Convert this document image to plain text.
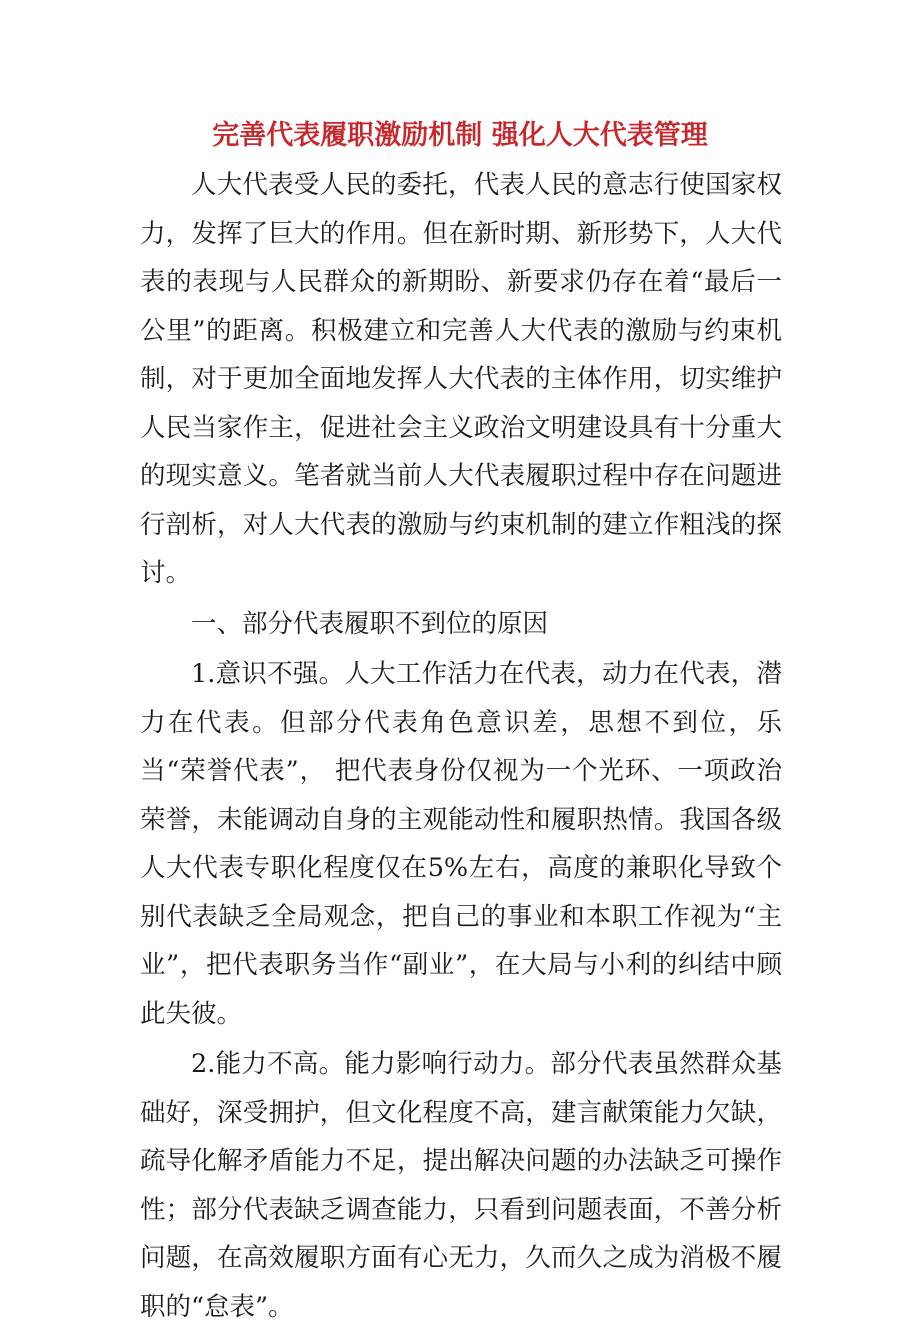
完善代表履职激励机制 强化人大代表管理

人大代表受人民的委托，代表人民的意志行使国家权力，发挥了巨大的作用。但在新时期、新形势下，人大代表的表现与人民群众的新期盼、新要求仍存在着“最后一公里”的距离。积极建立和完善人大代表的激励与约束机制，对于更加全面地发挥人大代表的主体作用，切实维护人民当家作主，促进社会主义政治文明建设具有十分重大的现实意义。笔者就当前人大代表履职过程中存在问题进行剖析，对人大代表的激励与约束机制的建立作粗浅的探讨。

一、部分代表履职不到位的原因

1.意识不强。人大工作活力在代表，动力在代表，潜力在代表。但部分代表角色意识差，思想不到位，乐当“荣誉代表”， 把代表身份仅视为一个光环、一项政治荣誉，未能调动自身的主观能动性和履职热情。我国各级人大代表专职化程度仅在5%左右，高度的兼职化导致个别代表缺乏全局观念，把自己的事业和本职工作视为“主业”，把代表职务当作“副业”，在大局与小利的纠结中顾此失彼。

2.能力不高。能力影响行动力。部分代表虽然群众基础好，深受拥护，但文化程度不高，建言献策能力欠缺，疏导化解矛盾能力不足，提出解决问题的办法缺乏可操作性；部分代表缺乏调查能力，只看到问题表面，不善分析问题，在高效履职方面有心无力，久而久之成为消极不履职的“怠表”。
